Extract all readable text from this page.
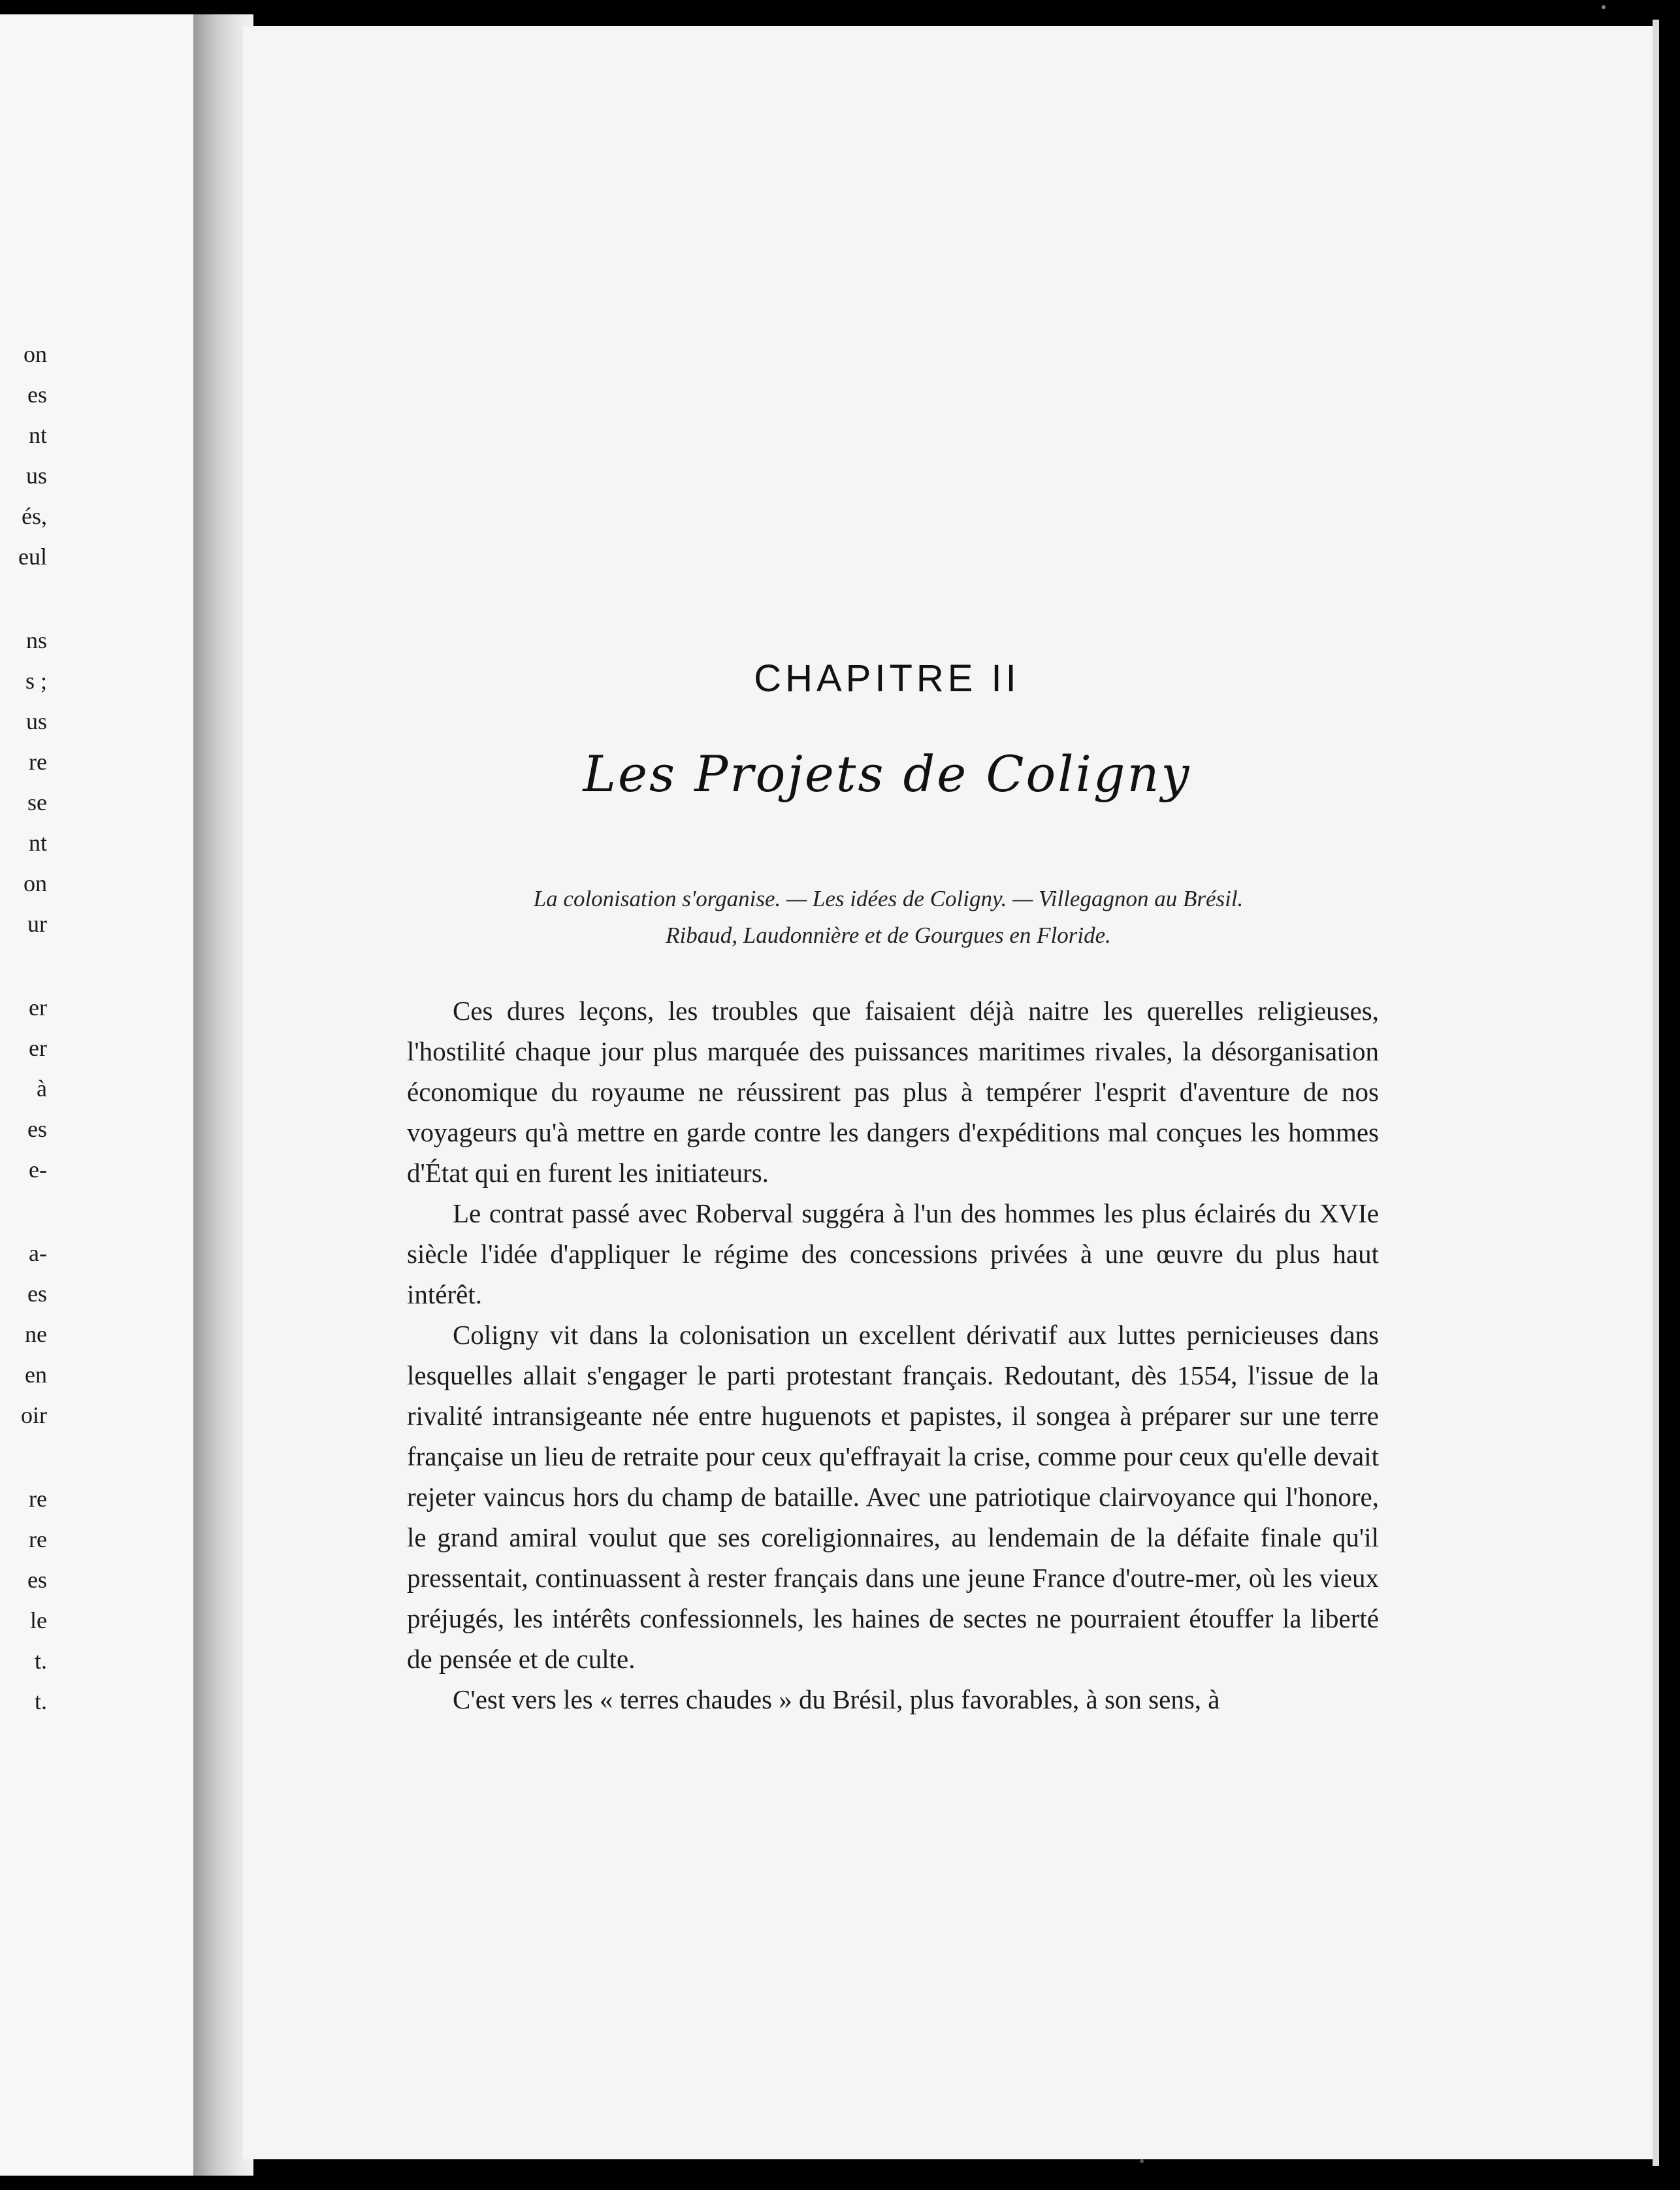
on

es

nt

us

és,

eul

ns

s ;

us

re

se

nt

on

ur

er

er

à

es

e-

a-

es

ne

en

oir

re

re

es

le

t.

t.

CHAPITRE II
Les Projets de Coligny

La colonisation s'organise. — Les idées de Coligny. — Villegagnon au Brésil.
Ribaud, Laudonnière et de Gourgues en Floride.

Ces dures leçons, les troubles que faisaient déjà naitre les querelles religieuses, l'hostilité chaque jour plus marquée des puissances maritimes rivales, la désorganisation économique du royaume ne réussirent pas plus à tempérer l'esprit d'aventure de nos voyageurs qu'à mettre en garde contre les dangers d'expéditions mal conçues les hommes d'État qui en furent les initiateurs.

Le contrat passé avec Roberval suggéra à l'un des hommes les plus éclairés du XVIe siècle l'idée d'appliquer le régime des concessions privées à une œuvre du plus haut intérêt.

Coligny vit dans la colonisation un excellent dérivatif aux luttes pernicieuses dans lesquelles allait s'engager le parti protestant français. Redoutant, dès 1554, l'issue de la rivalité intransigeante née entre huguenots et papistes, il songea à préparer sur une terre française un lieu de retraite pour ceux qu'effrayait la crise, comme pour ceux qu'elle devait rejeter vaincus hors du champ de bataille. Avec une patriotique clairvoyance qui l'honore, le grand amiral voulut que ses coreligionnaires, au lendemain de la défaite finale qu'il pressentait, continuassent à rester français dans une jeune France d'outre-mer, où les vieux préjugés, les intérêts confessionnels, les haines de sectes ne pourraient étouffer la liberté de pensée et de culte.

C'est vers les « terres chaudes » du Brésil, plus favorables, à son sens, à
